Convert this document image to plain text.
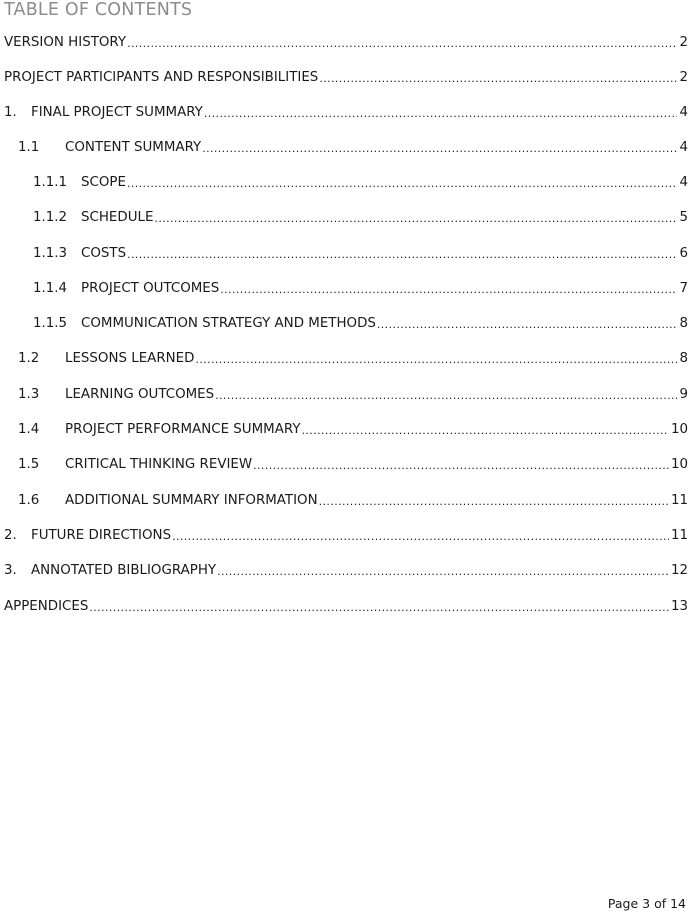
TABLE OF CONTENTS
VERSION HISTORY .....	2
PROJECT PARTICIPANTS AND RESPONSIBILITIES .....	2
1.	FINAL PROJECT SUMMARY .....	4
1.1	CONTENT SUMMARY .....	4
1.1.1	SCOPE .....	4
1.1.2	SCHEDULE .....	5
1.1.3	COSTS .....	6
1.1.4	PROJECT OUTCOMES .....	7
1.1.5	COMMUNICATION STRATEGY AND METHODS .....	8
1.2	LESSONS LEARNED .....	8
1.3	LEARNING OUTCOMES .....	9
1.4	PROJECT PERFORMANCE SUMMARY .....	10
1.5	CRITICAL THINKING REVIEW .....	10
1.6	ADDITIONAL SUMMARY INFORMATION .....	11
2.	FUTURE DIRECTIONS .....	11
3.	ANNOTATED BIBLIOGRAPHY .....	12
APPENDICES .....	13
Page 3 of 14
